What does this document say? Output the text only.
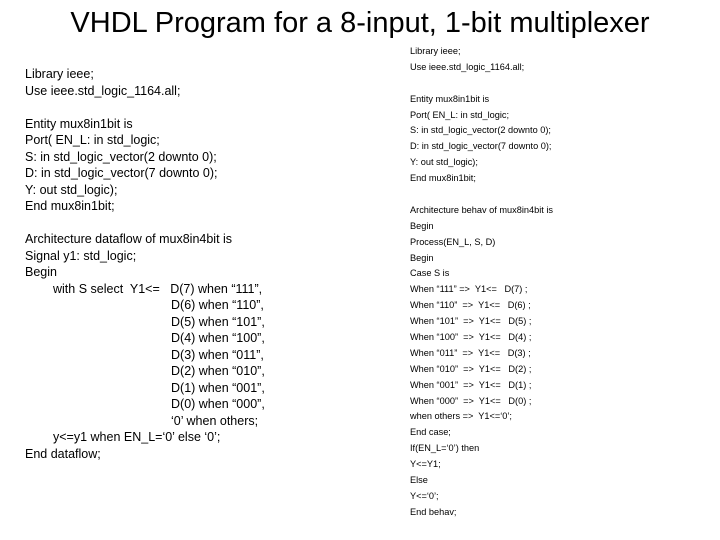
VHDL Program for a 8-input, 1-bit multiplexer
Library ieee;
Use ieee.std_logic_1164.all;
Entity mux8in1bit is
Port( EN_L: in std_logic;
S: in std_logic_vector(2 downto 0);
D: in std_logic_vector(7 downto 0);
Y: out std_logic);
End mux8in1bit;
Architecture dataflow of mux8in4bit is
Signal y1: std_logic;
Begin
with S select  Y1<=   D(7) when “111”,
D(6) when “110”,
D(5) when “101”,
D(4) when “100”,
D(3) when “011”,
D(2) when “010”,
D(1) when “001”,
D(0) when “000”,
‘0’ when others;
y<=y1 when EN_L=‘0’ else ‘0’;
End dataflow;
Library ieee;
Use ieee.std_logic_1164.all;
Entity mux8in1bit is
Port( EN_L: in std_logic;
S: in std_logic_vector(2 downto 0);
D: in std_logic_vector(7 downto 0);
Y: out std_logic);
End mux8in1bit;
Architecture behav of mux8in4bit is
Begin
Process(EN_L, S, D)
Begin
Case S is
When “111” =>  Y1<=   D(7) ;
When “110”  =>  Y1<=   D(6) ;
When “101”  =>  Y1<=   D(5) ;
When “100”  =>  Y1<=   D(4) ;
When “011”  =>  Y1<=   D(3) ;
When “010”  =>  Y1<=   D(2) ;
When “001”  =>  Y1<=   D(1) ;
When “000”  =>  Y1<=   D(0) ;
when others =>  Y1<=‘0’;
End case;
If(EN_L=‘0’) then
Y<=Y1;
Else
Y<=‘0’;
End behav;
